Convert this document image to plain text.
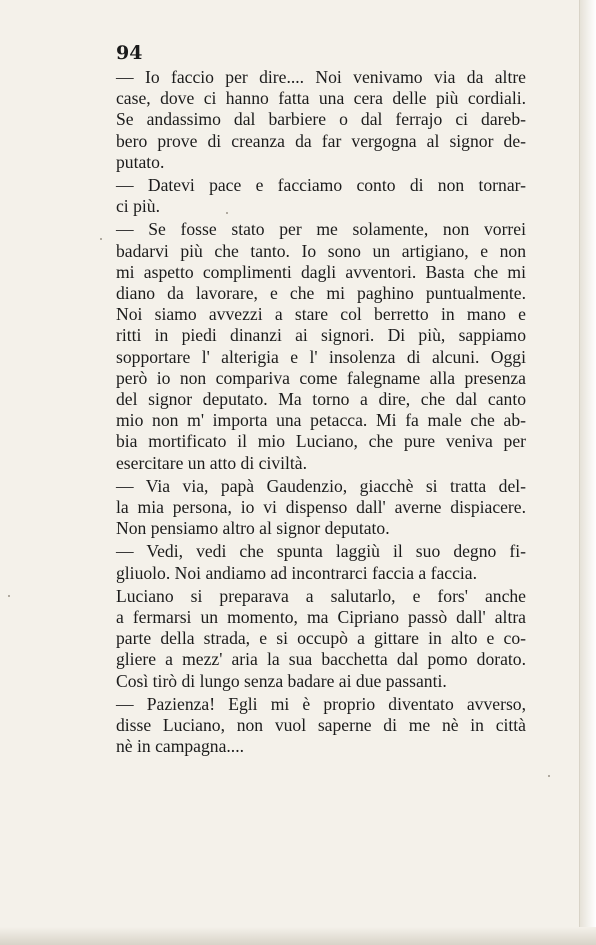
94

— Io faccio per dire.... Noi venivamo via da altre
case, dove ci hanno fatta una cera delle più cordiali.
Se andassimo dal barbiere o dal ferrajo ci dareb-
bero prove di creanza da far vergogna al signor de-
putato.
— Datevi pace e facciamo conto di non tornar-
ci più.
— Se fosse stato per me solamente, non vorrei
badarvi più che tanto. Io sono un artigiano, e non
mi aspetto complimenti dagli avventori. Basta che mi
diano da lavorare, e che mi paghino puntualmente.
Noi siamo avvezzi a stare col berretto in mano e
ritti in piedi dinanzi ai signori. Di più, sappiamo
sopportare l' alterigia e l' insolenza di alcuni. Oggi
però io non compariva come falegname alla presenza
del signor deputato. Ma torno a dire, che dal canto
mio non m' importa una petacca. Mi fa male che ab-
bia mortificato il mio Luciano, che pure veniva per
esercitare un atto di civiltà.
— Via via, papà Gaudenzio, giacchè si tratta del-
la mia persona, io vi dispenso dall' averne dispiacere.
Non pensiamo altro al signor deputato.
— Vedi, vedi che spunta laggiù il suo degno fi-
gliuolo. Noi andiamo ad incontrarci faccia a faccia.
Luciano si preparava a salutarlo, e fors' anche
a fermarsi un momento, ma Cipriano passò dall' altra
parte della strada, e si occupò a gittare in alto e co-
gliere a mezz' aria la sua bacchetta dal pomo dorato.
Così tirò di lungo senza badare ai due passanti.
— Pazienza! Egli mi è proprio diventato avverso,
disse Luciano, non vuol saperne di me nè in città
nè in campagna....
